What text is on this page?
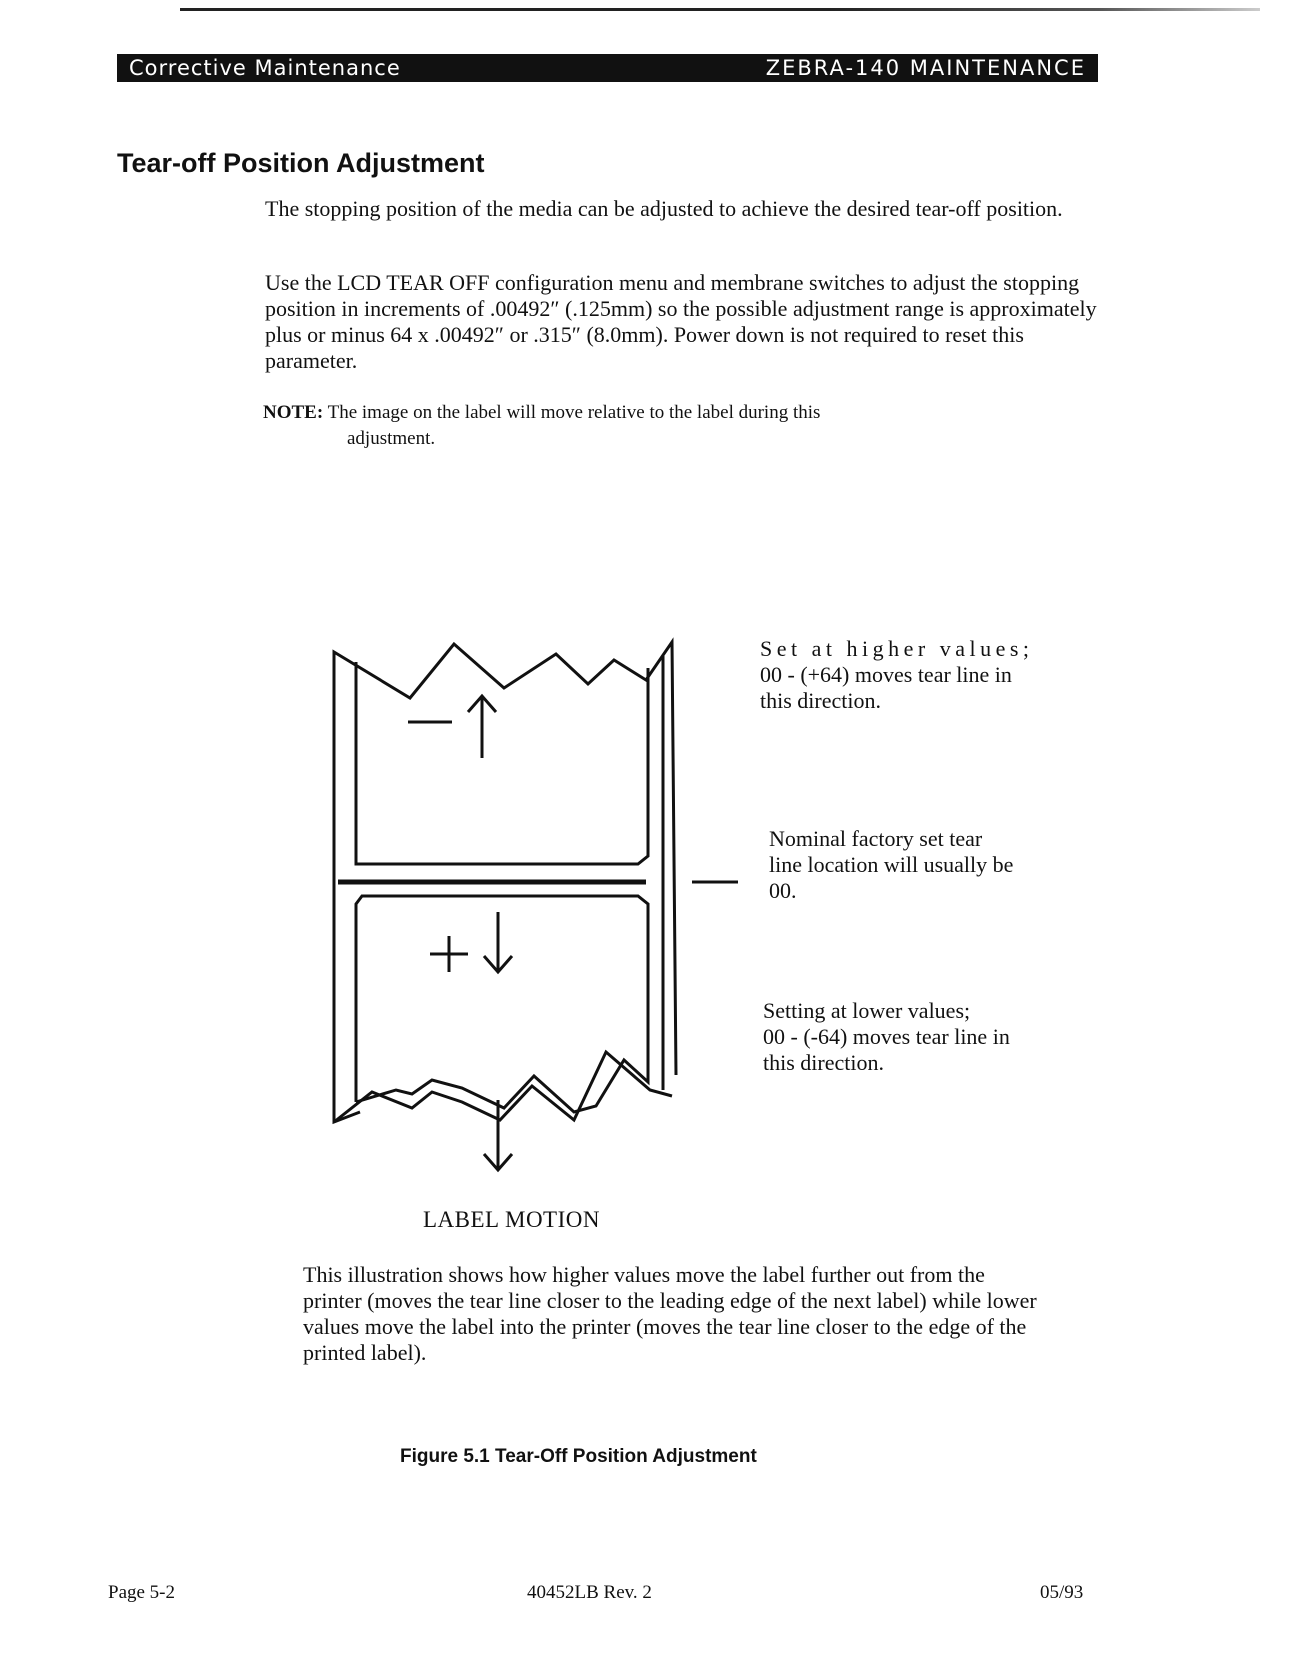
Corrective Maintenance	ZEBRA-140 MAINTENANCE
Tear-off Position Adjustment

The stopping position of the media can be adjusted to achieve the desired tear-off position.

Use the LCD TEAR OFF configuration menu and membrane switches to adjust the stopping position in increments of .00492″ (.125mm) so the possible adjustment range is approximately plus or minus 64 x .00492″ or .315″ (8.0mm). Power down is not required to reset this parameter.

NOTE: The image on the label will move relative to the label during this
adjustment.
Set at higher values;
00 - (+64) moves tear line in
this direction.
Nominal factory set tear
line location will usually be
00.
Setting at lower values;
00 - (-64) moves tear line in
this direction.
LABEL MOTION

This illustration shows how higher values move the label further out from the printer (moves the tear line closer to the leading edge of the next label) while lower values move the label into the printer (moves the tear line closer to the edge of the printed label).

Figure 5.1 Tear-Off Position Adjustment
Page 5-2	40452LB Rev. 2	05/93
